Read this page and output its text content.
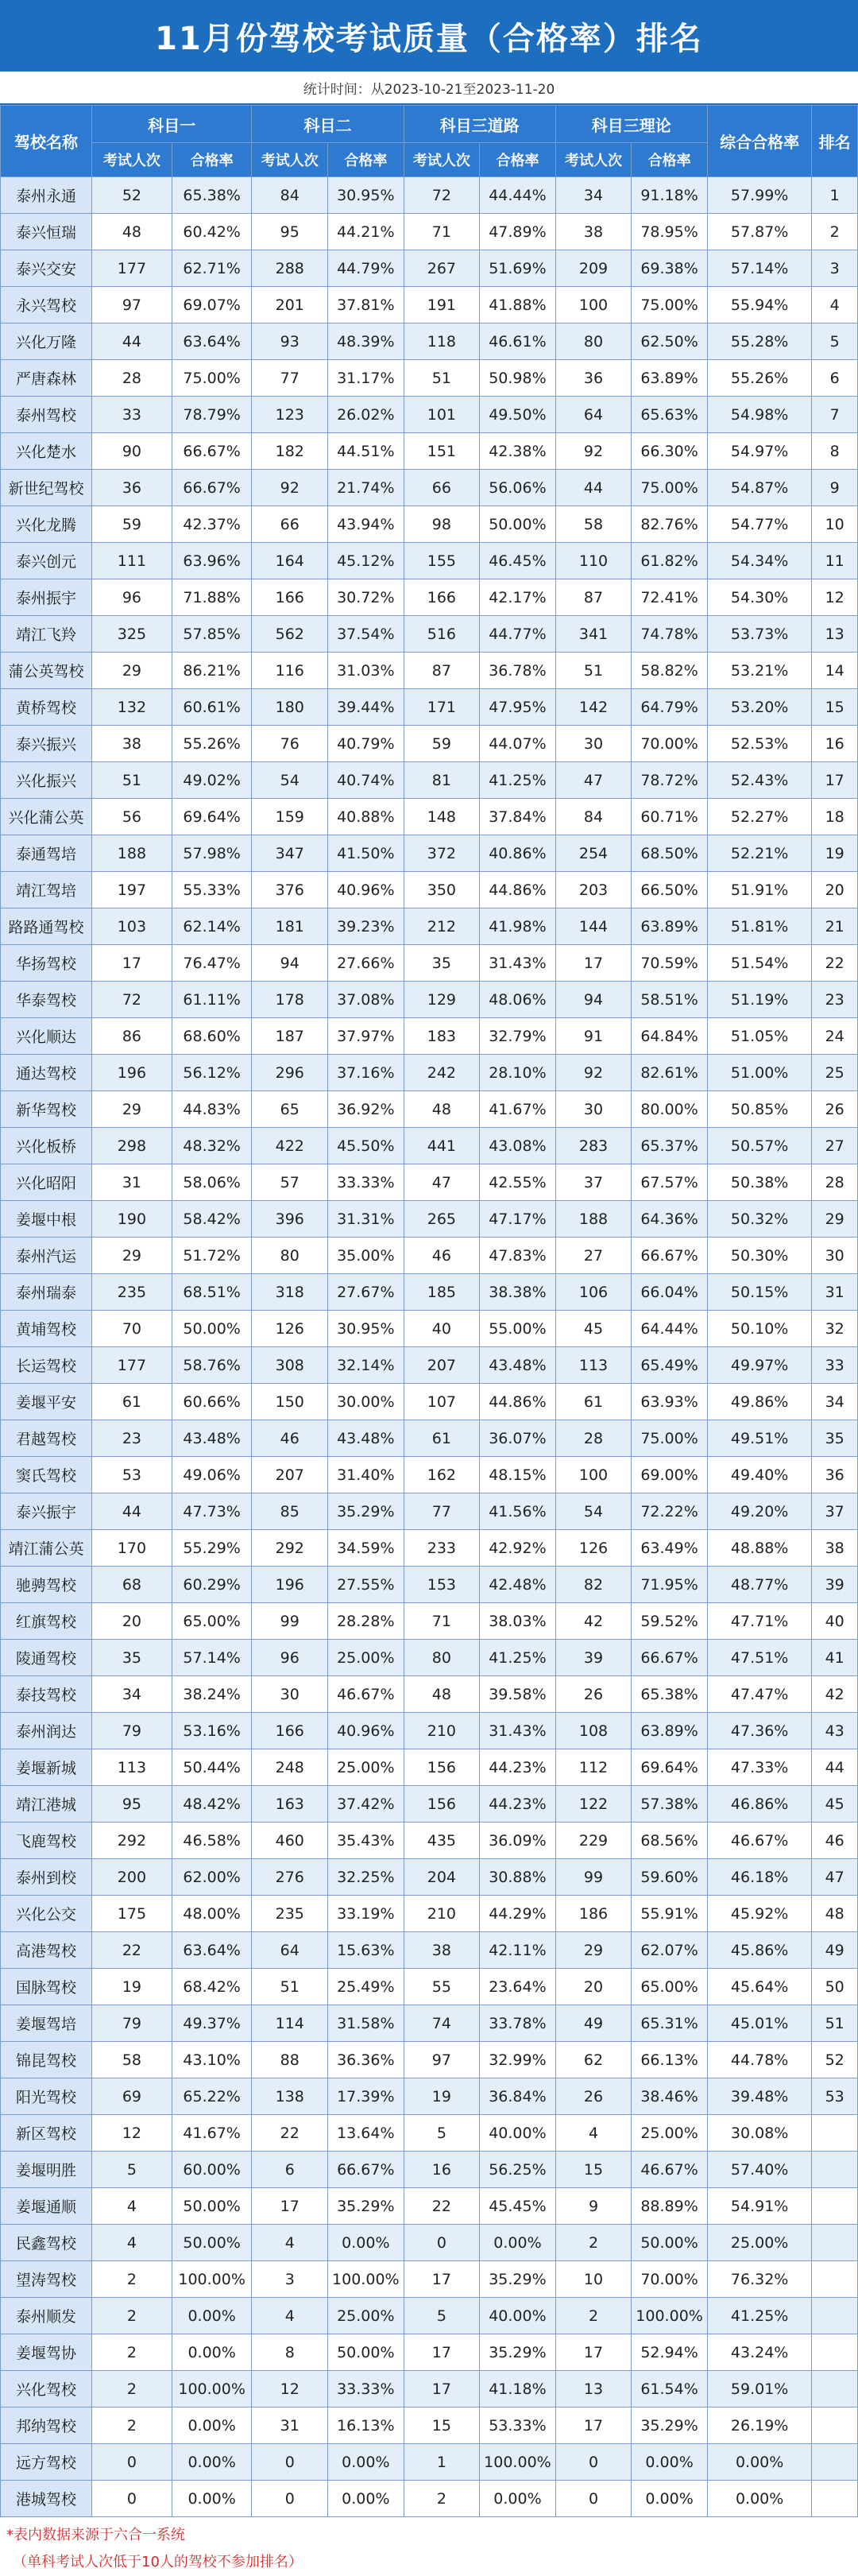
11月份驾校考试质量（合格率）排名
统计时间：从2023-10-21至2023-11-20
驾校名称	科目一		科目二		科目三道路		科目三理论		综合合格率	排名
	考试人次	合格率	考试人次	合格率	考试人次	合格率	考试人次	合格率		
泰州永通	52	65.38%	84	30.95%	72	44.44%	34	91.18%	57.99%	1
泰兴恒瑞	48	60.42%	95	44.21%	71	47.89%	38	78.95%	57.87%	2
泰兴交安	177	62.71%	288	44.79%	267	51.69%	209	69.38%	57.14%	3
永兴驾校	97	69.07%	201	37.81%	191	41.88%	100	75.00%	55.94%	4
兴化万隆	44	63.64%	93	48.39%	118	46.61%	80	62.50%	55.28%	5
严唐森林	28	75.00%	77	31.17%	51	50.98%	36	63.89%	55.26%	6
泰州驾校	33	78.79%	123	26.02%	101	49.50%	64	65.63%	54.98%	7
兴化楚水	90	66.67%	182	44.51%	151	42.38%	92	66.30%	54.97%	8
新世纪驾校	36	66.67%	92	21.74%	66	56.06%	44	75.00%	54.87%	9
兴化龙腾	59	42.37%	66	43.94%	98	50.00%	58	82.76%	54.77%	10
泰兴创元	111	63.96%	164	45.12%	155	46.45%	110	61.82%	54.34%	11
泰州振宇	96	71.88%	166	30.72%	166	42.17%	87	72.41%	54.30%	12
靖江飞羚	325	57.85%	562	37.54%	516	44.77%	341	74.78%	53.73%	13
蒲公英驾校	29	86.21%	116	31.03%	87	36.78%	51	58.82%	53.21%	14
黄桥驾校	132	60.61%	180	39.44%	171	47.95%	142	64.79%	53.20%	15
泰兴振兴	38	55.26%	76	40.79%	59	44.07%	30	70.00%	52.53%	16
兴化振兴	51	49.02%	54	40.74%	81	41.25%	47	78.72%	52.43%	17
兴化蒲公英	56	69.64%	159	40.88%	148	37.84%	84	60.71%	52.27%	18
泰通驾培	188	57.98%	347	41.50%	372	40.86%	254	68.50%	52.21%	19
靖江驾培	197	55.33%	376	40.96%	350	44.86%	203	66.50%	51.91%	20
路路通驾校	103	62.14%	181	39.23%	212	41.98%	144	63.89%	51.81%	21
华扬驾校	17	76.47%	94	27.66%	35	31.43%	17	70.59%	51.54%	22
华泰驾校	72	61.11%	178	37.08%	129	48.06%	94	58.51%	51.19%	23
兴化顺达	86	68.60%	187	37.97%	183	32.79%	91	64.84%	51.05%	24
通达驾校	196	56.12%	296	37.16%	242	28.10%	92	82.61%	51.00%	25
新华驾校	29	44.83%	65	36.92%	48	41.67%	30	80.00%	50.85%	26
兴化板桥	298	48.32%	422	45.50%	441	43.08%	283	65.37%	50.57%	27
兴化昭阳	31	58.06%	57	33.33%	47	42.55%	37	67.57%	50.38%	28
姜堰中根	190	58.42%	396	31.31%	265	47.17%	188	64.36%	50.32%	29
泰州汽运	29	51.72%	80	35.00%	46	47.83%	27	66.67%	50.30%	30
泰州瑞泰	235	68.51%	318	27.67%	185	38.38%	106	66.04%	50.15%	31
黄埔驾校	70	50.00%	126	30.95%	40	55.00%	45	64.44%	50.10%	32
长运驾校	177	58.76%	308	32.14%	207	43.48%	113	65.49%	49.97%	33
姜堰平安	61	60.66%	150	30.00%	107	44.86%	61	63.93%	49.86%	34
君越驾校	23	43.48%	46	43.48%	61	36.07%	28	75.00%	49.51%	35
窦氏驾校	53	49.06%	207	31.40%	162	48.15%	100	69.00%	49.40%	36
泰兴振宇	44	47.73%	85	35.29%	77	41.56%	54	72.22%	49.20%	37
靖江蒲公英	170	55.29%	292	34.59%	233	42.92%	126	63.49%	48.88%	38
驰骋驾校	68	60.29%	196	27.55%	153	42.48%	82	71.95%	48.77%	39
红旗驾校	20	65.00%	99	28.28%	71	38.03%	42	59.52%	47.71%	40
陵通驾校	35	57.14%	96	25.00%	80	41.25%	39	66.67%	47.51%	41
泰技驾校	34	38.24%	30	46.67%	48	39.58%	26	65.38%	47.47%	42
泰州润达	79	53.16%	166	40.96%	210	31.43%	108	63.89%	47.36%	43
姜堰新城	113	50.44%	248	25.00%	156	44.23%	112	69.64%	47.33%	44
靖江港城	95	48.42%	163	37.42%	156	44.23%	122	57.38%	46.86%	45
飞鹿驾校	292	46.58%	460	35.43%	435	36.09%	229	68.56%	46.67%	46
泰州到校	200	62.00%	276	32.25%	204	30.88%	99	59.60%	46.18%	47
兴化公交	175	48.00%	235	33.19%	210	44.29%	186	55.91%	45.92%	48
高港驾校	22	63.64%	64	15.63%	38	42.11%	29	62.07%	45.86%	49
国脉驾校	19	68.42%	51	25.49%	55	23.64%	20	65.00%	45.64%	50
姜堰驾培	79	49.37%	114	31.58%	74	33.78%	49	65.31%	45.01%	51
锦昆驾校	58	43.10%	88	36.36%	97	32.99%	62	66.13%	44.78%	52
阳光驾校	69	65.22%	138	17.39%	19	36.84%	26	38.46%	39.48%	53
新区驾校	12	41.67%	22	13.64%	5	40.00%	4	25.00%	30.08%	
姜堰明胜	5	60.00%	6	66.67%	16	56.25%	15	46.67%	57.40%	
姜堰通顺	4	50.00%	17	35.29%	22	45.45%	9	88.89%	54.91%	
民鑫驾校	4	50.00%	4	0.00%	0	0.00%	2	50.00%	25.00%	
望涛驾校	2	100.00%	3	100.00%	17	35.29%	10	70.00%	76.32%	
泰州顺发	2	0.00%	4	25.00%	5	40.00%	2	100.00%	41.25%	
姜堰驾协	2	0.00%	8	50.00%	17	35.29%	17	52.94%	43.24%	
兴化驾校	2	100.00%	12	33.33%	17	41.18%	13	61.54%	59.01%	
邦纳驾校	2	0.00%	31	16.13%	15	53.33%	17	35.29%	26.19%	
远方驾校	0	0.00%	0	0.00%	1	100.00%	0	0.00%	0.00%	
港城驾校	0	0.00%	0	0.00%	2	0.00%	0	0.00%	0.00%	
*表内数据来源于六合一系统
（单科考试人次低于10人的驾校不参加排名）
